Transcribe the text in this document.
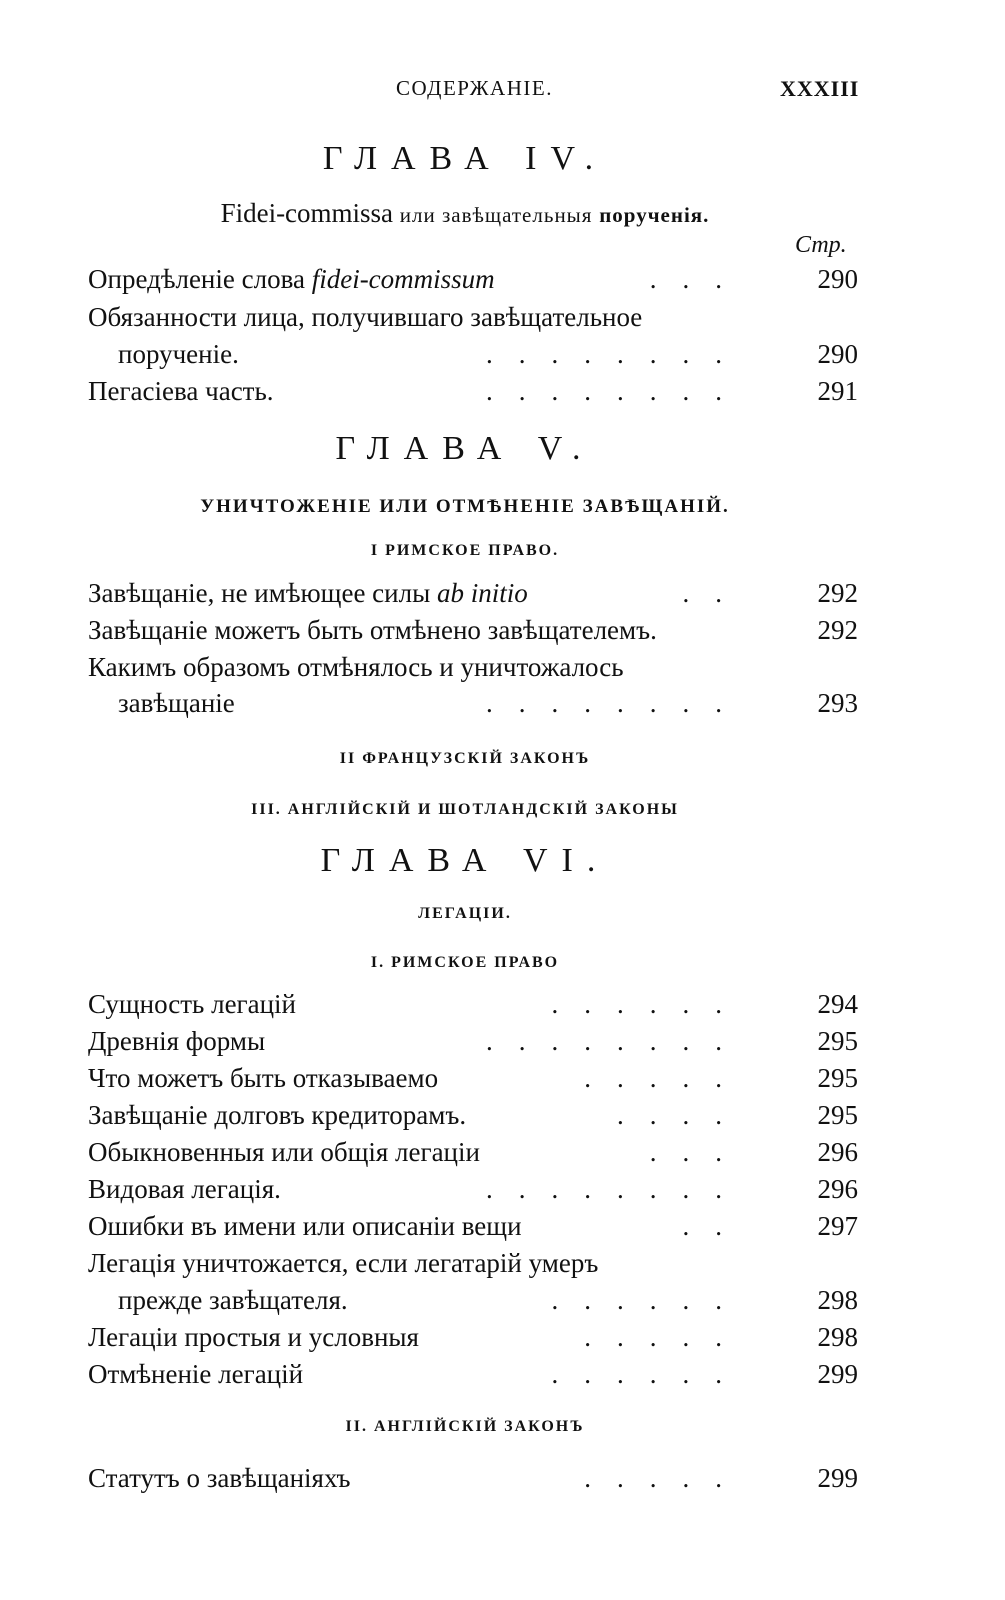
СОДЕРЖАНІЕ.	XXXIII
ГЛАВА IV.
Fidei-commissa или завѣщательныя порученія.
Стр.
Опредѣленіе слова fidei-commissum	...	290
Обязанности лица, получившаго завѣщательное
порученіе.	........	290
Пегасіева часть.	........	291
ГЛАВА V.
УНИЧТОЖЕНІЕ ИЛИ ОТМѢНЕНІЕ ЗАВѢЩАНІЙ.
I РИМСКОЕ ПРАВО.
Завѣщаніе, не имѣющее силы ab initio	..	292
Завѣщаніе можетъ быть отмѣнено завѣщателемъ.	292
Какимъ образомъ отмѣнялось и уничтожалось
завѣщаніе	........	293
II ФРАНЦУЗСКІЙ ЗАКОНЪ
III. АНГЛІЙСКІЙ И ШОТЛАНДСКІЙ ЗАКОНЫ
ГЛАВА VI.
ЛЕГАЦІИ.
I. РИМСКОЕ ПРАВО
Сущность легацій	......	294
Древнія формы	........	295
Что можетъ быть отказываемо	.....	295
Завѣщаніе долговъ кредиторамъ.	....	295
Обыкновенныя или общія легаціи	...	296
Видовая легація.	........	296
Ошибки въ имени или описаніи вещи	..	297
Легація уничтожается, если легатарій умеръ
прежде завѣщателя.	......	298
Легаціи простыя и условныя	.....	298
Отмѣненіе легацій	......	299
II. АНГЛІЙСКІЙ ЗАКОНЪ
Статутъ о завѣщаніяхъ	.....	299
